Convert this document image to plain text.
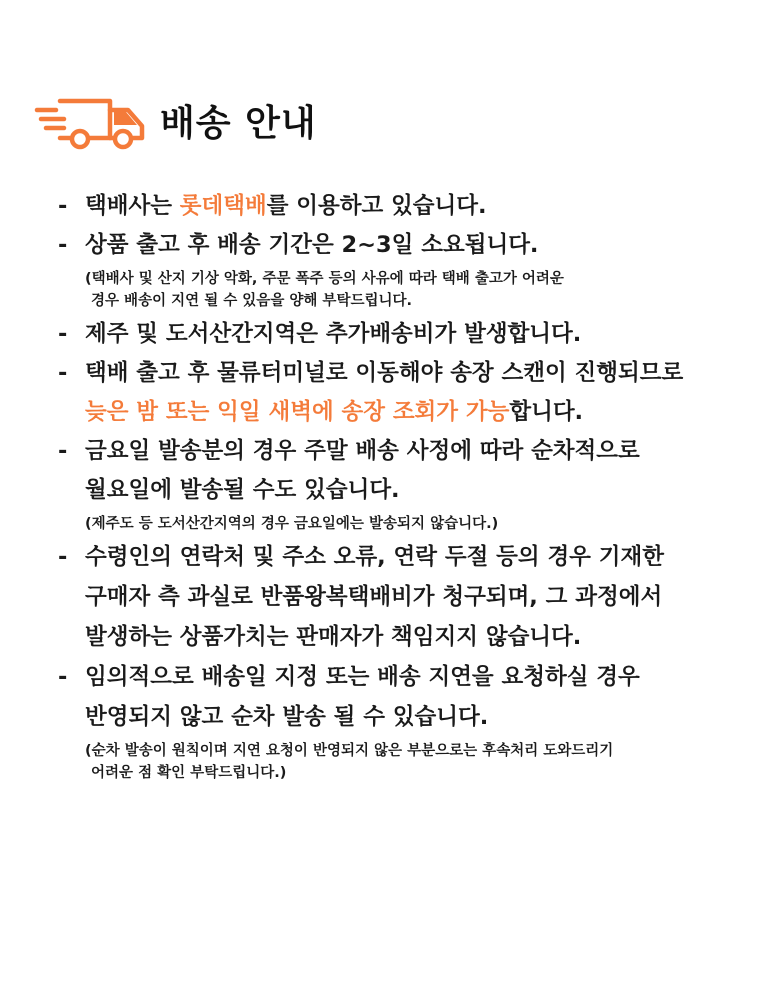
배송 안내
- 택배사는 롯데택배를 이용하고 있습니다.
- 상품 출고 후 배송 기간은 2~3일 소요됩니다.
(택배사 및 산지 기상 악화, 주문 폭주 등의 사유에 따라 택배 출고가 어려운
경우 배송이 지연 될 수 있음을 양해 부탁드립니다.
- 제주 및 도서산간지역은 추가배송비가 발생합니다.
- 택배 출고 후 물류터미널로 이동해야 송장 스캔이 진행되므로
늦은 밤 또는 익일 새벽에 송장 조회가 가능합니다.
- 금요일 발송분의 경우 주말 배송 사정에 따라 순차적으로
월요일에 발송될 수도 있습니다.
(제주도 등 도서산간지역의 경우 금요일에는 발송되지 않습니다.)
- 수령인의 연락처 및 주소 오류, 연락 두절 등의 경우 기재한
구매자 측 과실로 반품왕복택배비가 청구되며, 그 과정에서
발생하는 상품가치는 판매자가 책임지지 않습니다.
- 임의적으로 배송일 지정 또는 배송 지연을 요청하실 경우
반영되지 않고 순차 발송 될 수 있습니다.
(순차 발송이 원칙이며 지연 요청이 반영되지 않은 부분으로는 후속처리 도와드리기
어려운 점 확인 부탁드립니다.)
